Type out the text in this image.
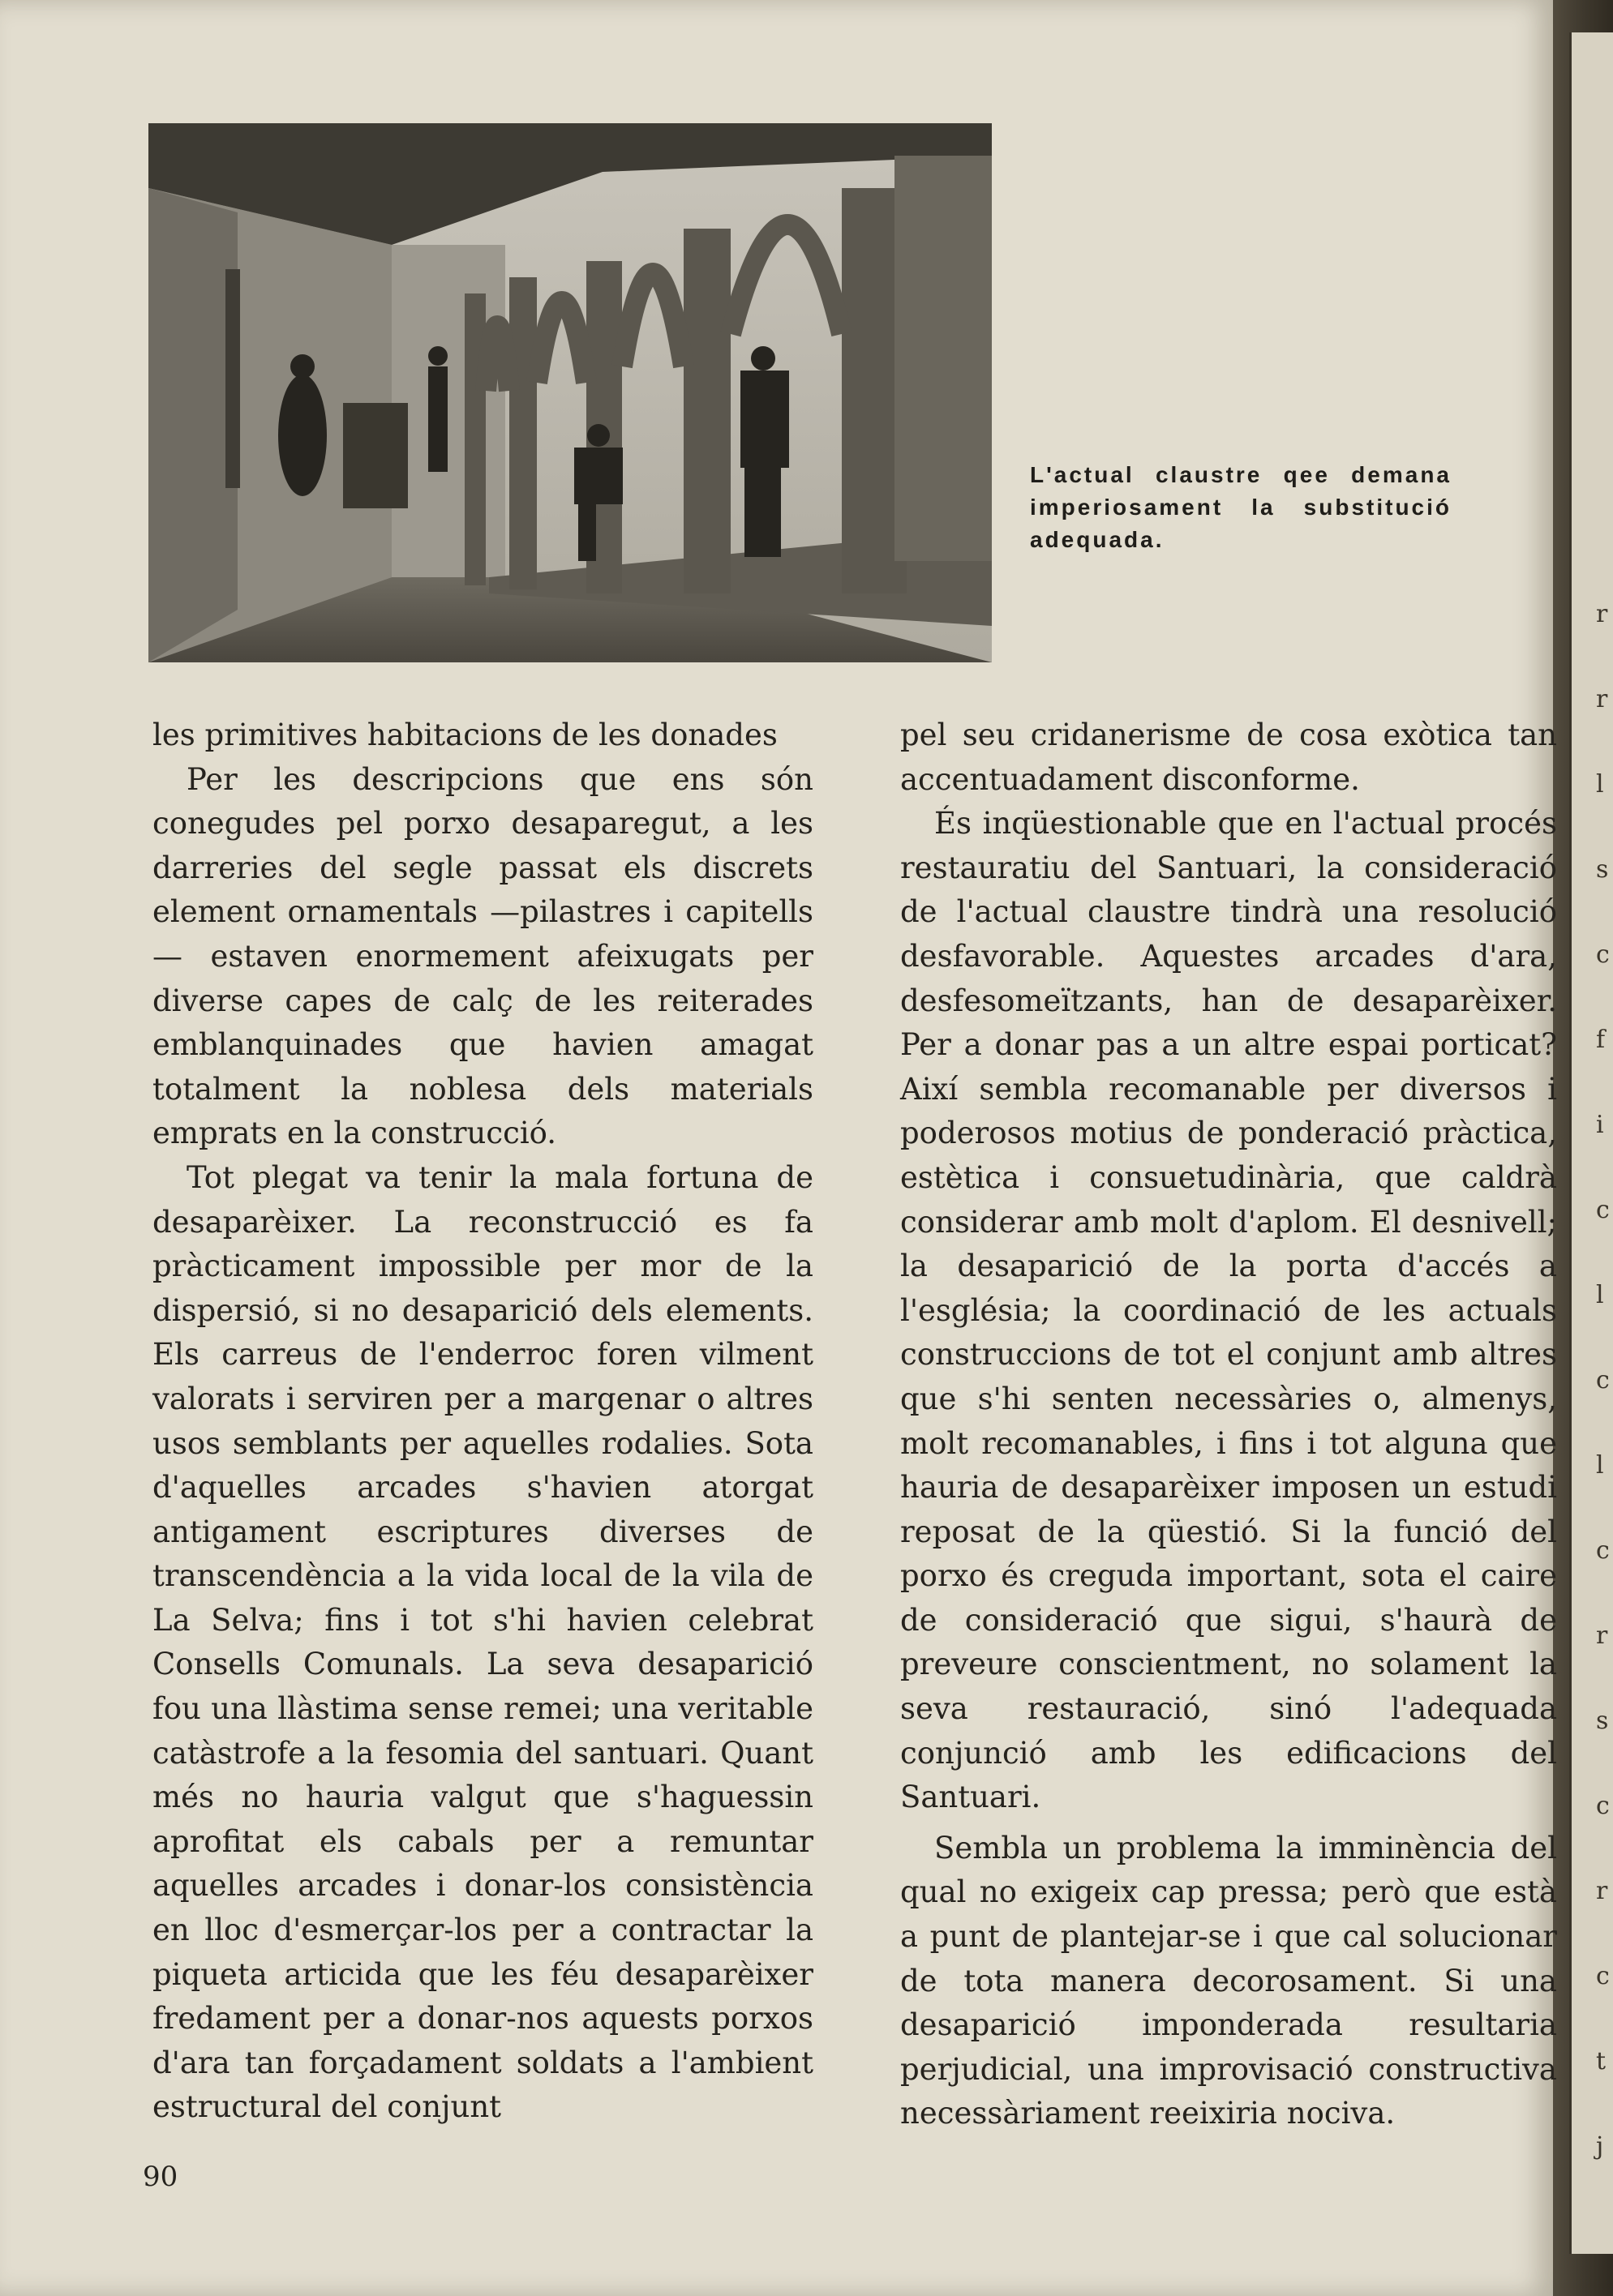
r
r
l
s
c
f
i
c
l
c
l
c
r
s
c
r
c
t
j
L'actual claustre qee demana imperiosament la substitució adequada.

les primitives habitacions de les donades

Per les descripcions que ens són conegudes pel porxo desaparegut, a les darreries del segle passat els discrets element ornamentals —pilastres i capitells— estaven enormement afeixugats per diverse capes de calç de les reiterades emblanquinades que havien amagat totalment la noblesa dels materials emprats en la construcció.

Tot plegat va tenir la mala fortuna de desaparèixer. La reconstrucció es fa pràcticament impossible per mor de la dispersió, si no desaparició dels elements. Els carreus de l'enderroc foren vilment valorats i serviren per a margenar o altres usos semblants per aquelles rodalies. Sota d'aquelles arcades s'havien atorgat antigament escriptures diverses de transcendència a la vida local de la vila de La Selva; fins i tot s'hi havien celebrat Consells Comunals. La seva desaparició fou una llàstima sense remei; una veritable catàstrofe a la fesomia del santuari. Quant més no hauria valgut que s'haguessin aprofitat els cabals per a remuntar aquelles arcades i donar-los consistència en lloc d'esmerçar-los per a contractar la piqueta articida que les féu desaparèixer fredament per a donar-nos aquests porxos d'ara tan forçadament soldats a l'ambient estructural del conjunt

pel seu cridanerisme de cosa exòtica tan accentuadament disconforme.

És inqüestionable que en l'actual procés restauratiu del Santuari, la consideració de l'actual claustre tindrà una resolució desfavorable. Aquestes arcades d'ara, desfesomeïtzants, han de desaparèixer. Per a donar pas a un altre espai porticat? Així sembla recomanable per diversos i poderosos motius de ponderació pràctica, estètica i consuetudinària, que caldrà considerar amb molt d'aplom. El desnivell; la desaparició de la porta d'accés a l'església; la coordinació de les actuals construccions de tot el conjunt amb altres que s'hi senten necessàries o, almenys, molt recomanables, i fins i tot alguna que hauria de desaparèixer imposen un estudi reposat de la qüestió. Si la funció del porxo és creguda important, sota el caire de consideració que sigui, s'haurà de preveure conscientment, no solament la seva restauració, sinó l'adequada conjunció amb les edificacions del Santuari.

Sembla un problema la imminència del qual no exigeix cap pressa; però que està a punt de plantejar-se i que cal solucionar de tota manera decorosament. Si una desaparició imponderada resultaria perjudicial, una improvisació constructiva necessàriament reeixiria nociva.

90
